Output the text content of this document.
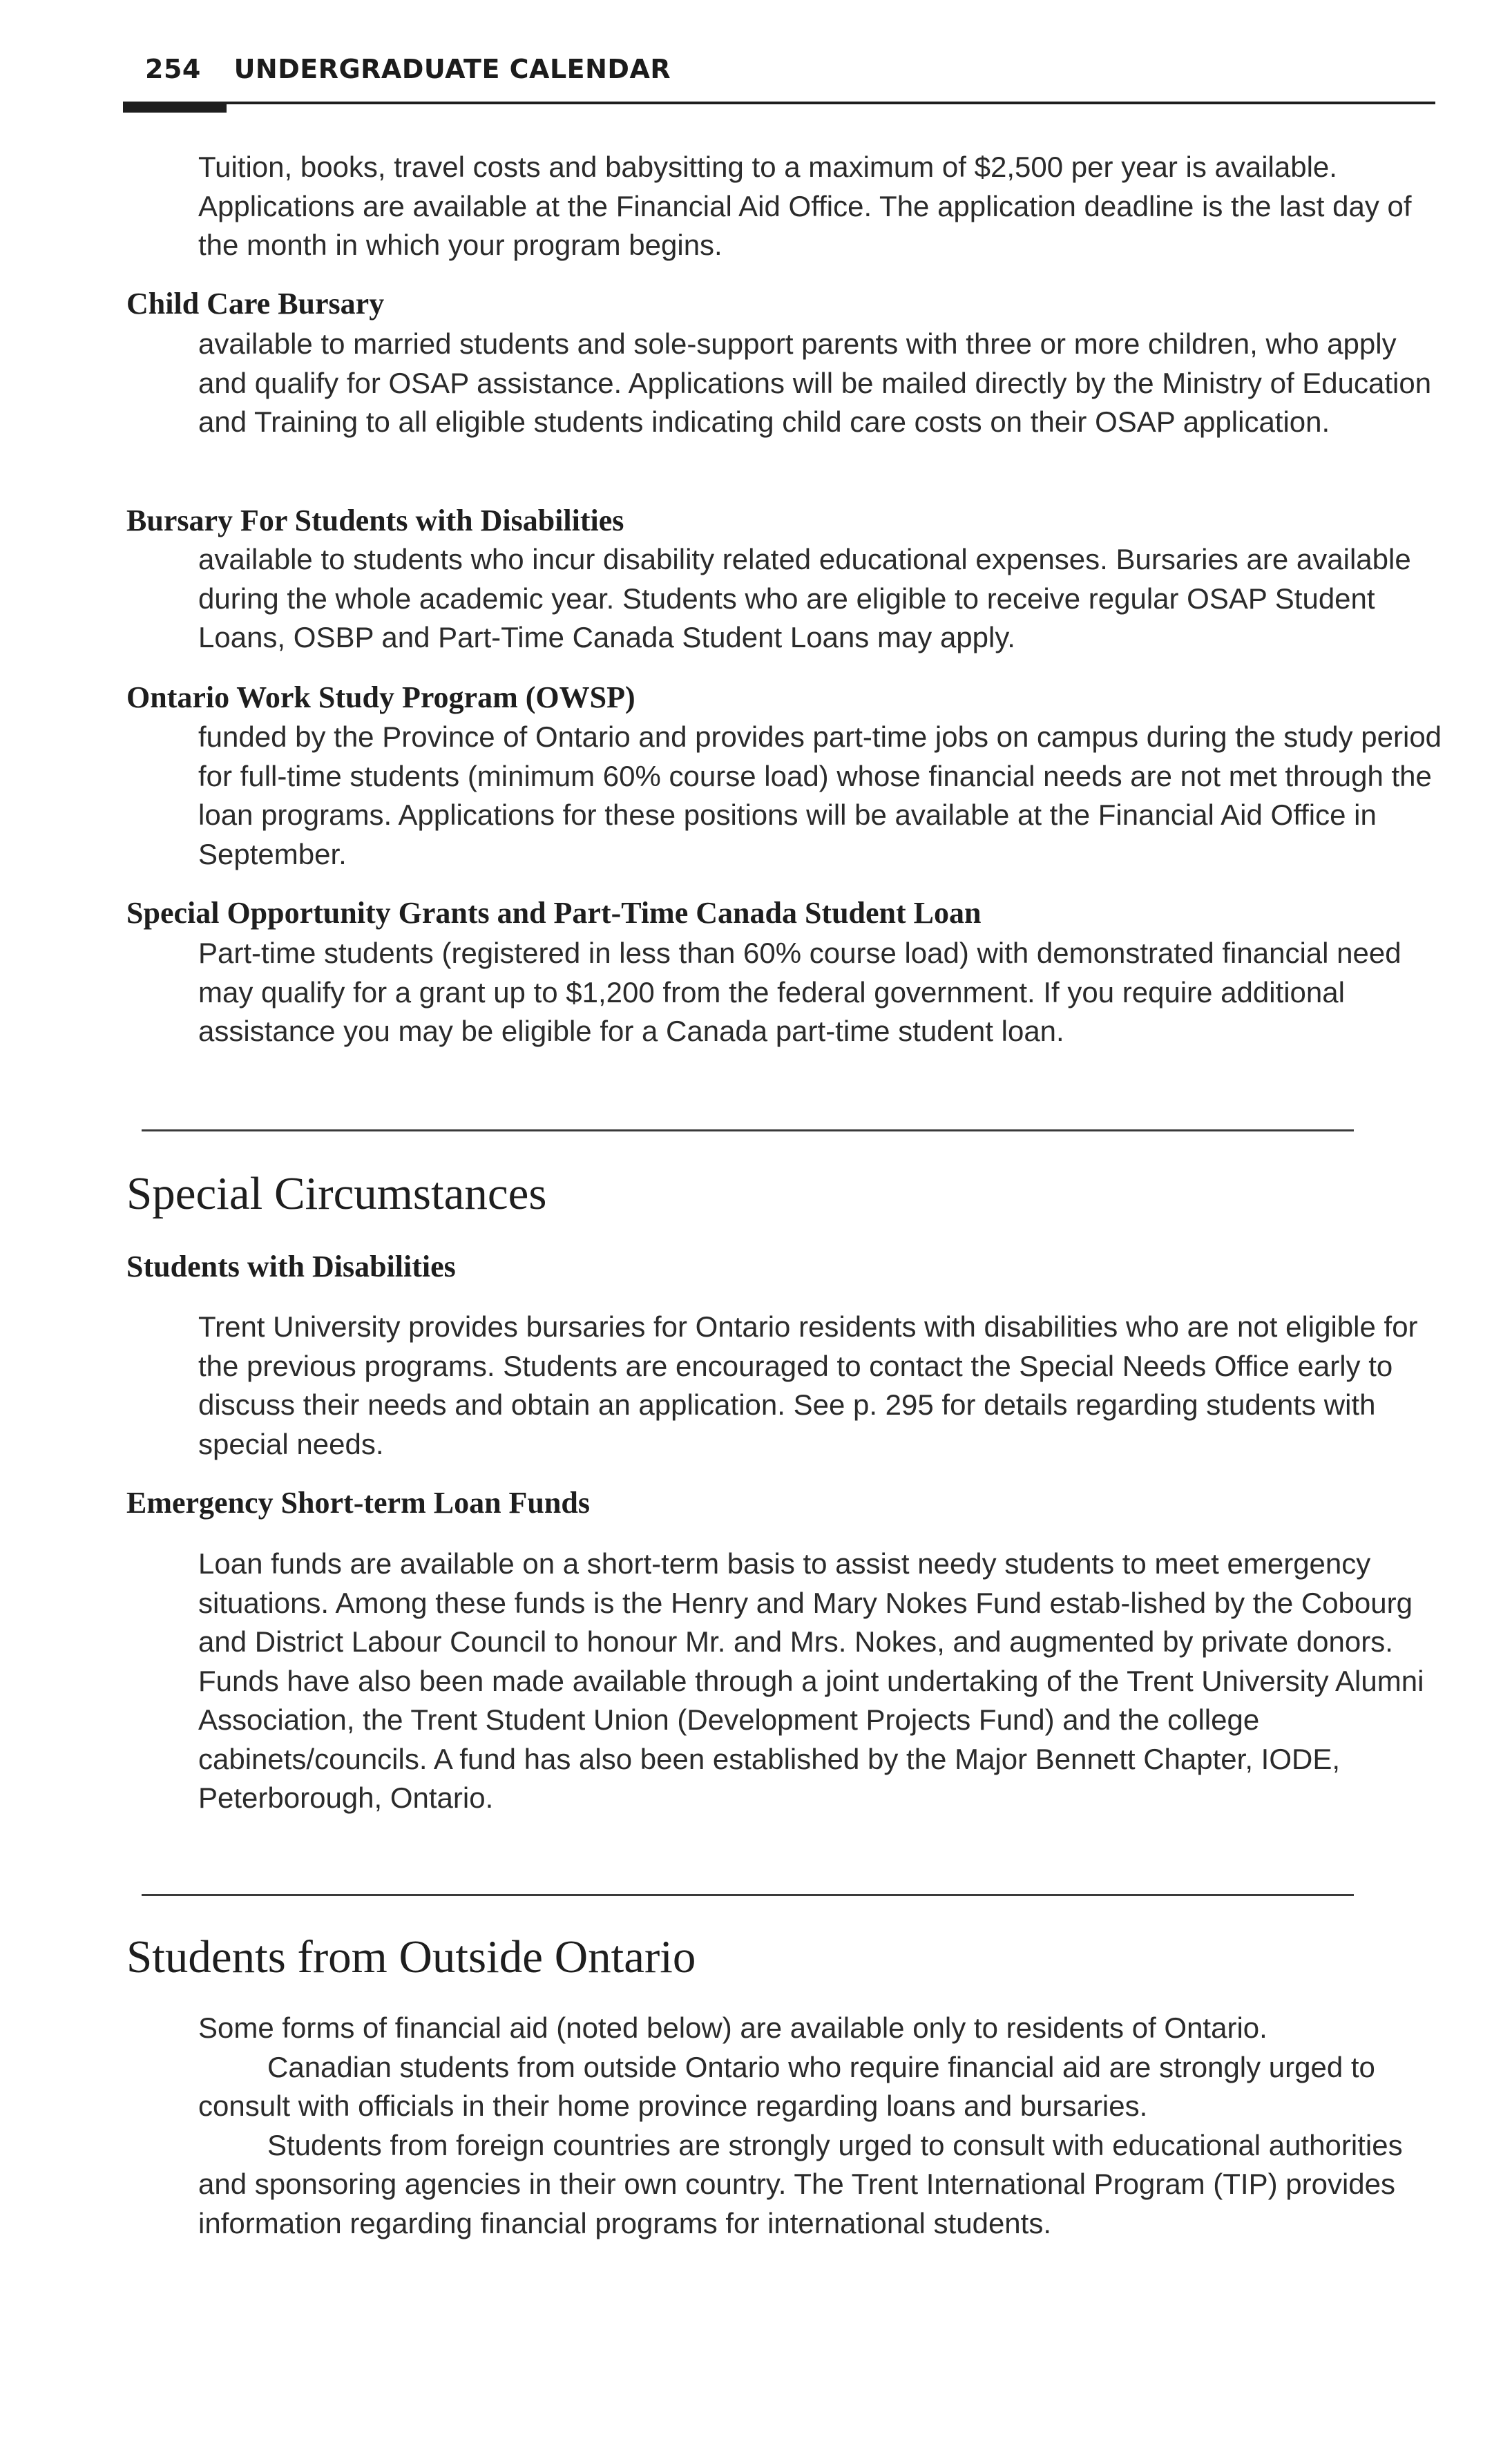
254 UNDERGRADUATE CALENDAR

Tuition, books, travel costs and babysitting to a maximum of $2,500 per year is available. Applications are available at the Financial Aid Office. The application deadline is the last day of the month in which your program begins.

Child Care Bursary

available to married students and sole-support parents with three or more children, who apply and qualify for OSAP assistance. Applications will be mailed directly by the Ministry of Education and Training to all eligible students indicating child care costs on their OSAP application.

Bursary For Students with Disabilities

available to students who incur disability related educational expenses. Bursaries are available during the whole academic year. Students who are eligible to receive regular OSAP Student Loans, OSBP and Part-Time Canada Student Loans may apply.

Ontario Work Study Program (OWSP)

funded by the Province of Ontario and provides part-time jobs on campus during the study period for full-time students (minimum 60% course load) whose financial needs are not met through the loan programs. Applications for these positions will be available at the Financial Aid Office in September.

Special Opportunity Grants and Part-Time Canada Student Loan

Part-time students (registered in less than 60% course load) with demonstrated financial need may qualify for a grant up to $1,200 from the federal government. If you require additional assistance you may be eligible for a Canada part-time student loan.

Special Circumstances
Students with Disabilities

Trent University provides bursaries for Ontario residents with disabilities who are not eligible for the previous programs. Students are encouraged to contact the Special Needs Office early to discuss their needs and obtain an application. See p. 295 for details regarding students with special needs.

Emergency Short-term Loan Funds

Loan funds are available on a short-term basis to assist needy students to meet emergency situations. Among these funds is the Henry and Mary Nokes Fund estab-lished by the Cobourg and District Labour Council to honour Mr. and Mrs. Nokes, and augmented by private donors. Funds have also been made available through a joint undertaking of the Trent University Alumni Association, the Trent Student Union (Development Projects Fund) and the college cabinets/councils. A fund has also been established by the Major Bennett Chapter, IODE, Peterborough, Ontario.

Students from Outside Ontario

Some forms of financial aid (noted below) are available only to residents of Ontario.

Canadian students from outside Ontario who require financial aid are strongly urged to consult with officials in their home province regarding loans and bursaries.

Students from foreign countries are strongly urged to consult with educational authorities and sponsoring agencies in their own country. The Trent International Program (TIP) provides information regarding financial programs for international students.
